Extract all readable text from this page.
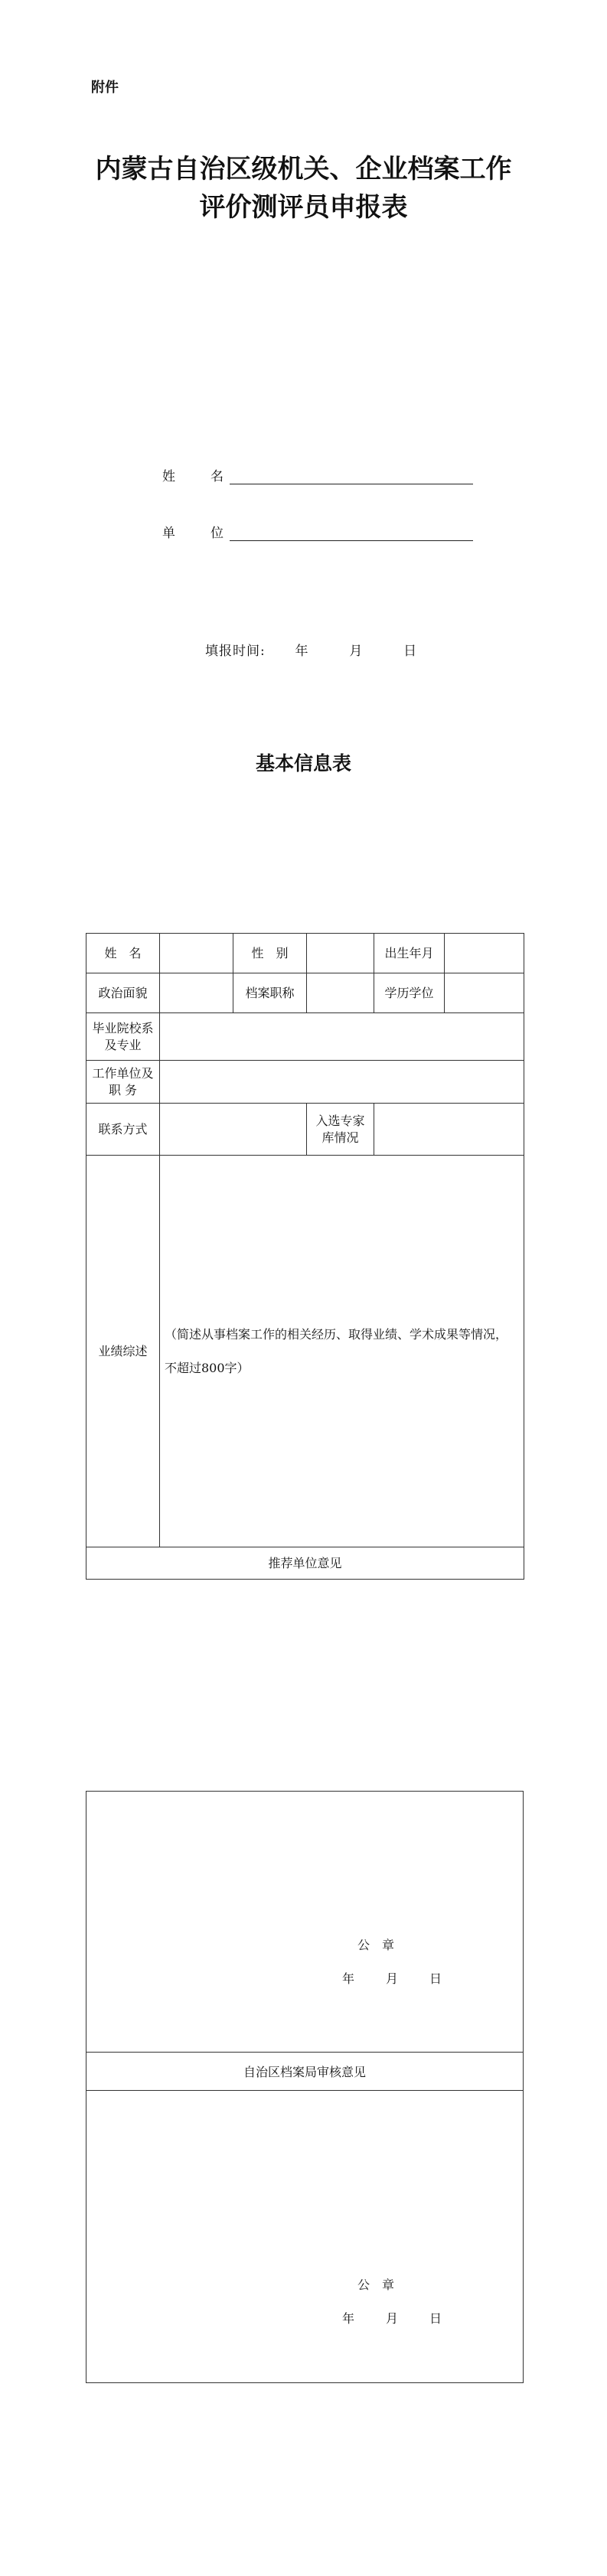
附件
内蒙古自治区级机关、企业档案工作
评价测评员申报表
姓	名
单	位
填报时间: 年	月	日
基本信息表
姓　名		性　别		出生年月	
政治面貌		档案职称		学历学位	
毕业院校系及专业					
工作单位及 职 务					
联系方式			入选专家库情况		
业绩综述	（简述从事档案工作的相关经历、取得业绩、学术成果等情况，不超过800字）				
推荐单位意见					
公　章
年	月	日
自治区档案局审核意见
公　章
年	月	日
